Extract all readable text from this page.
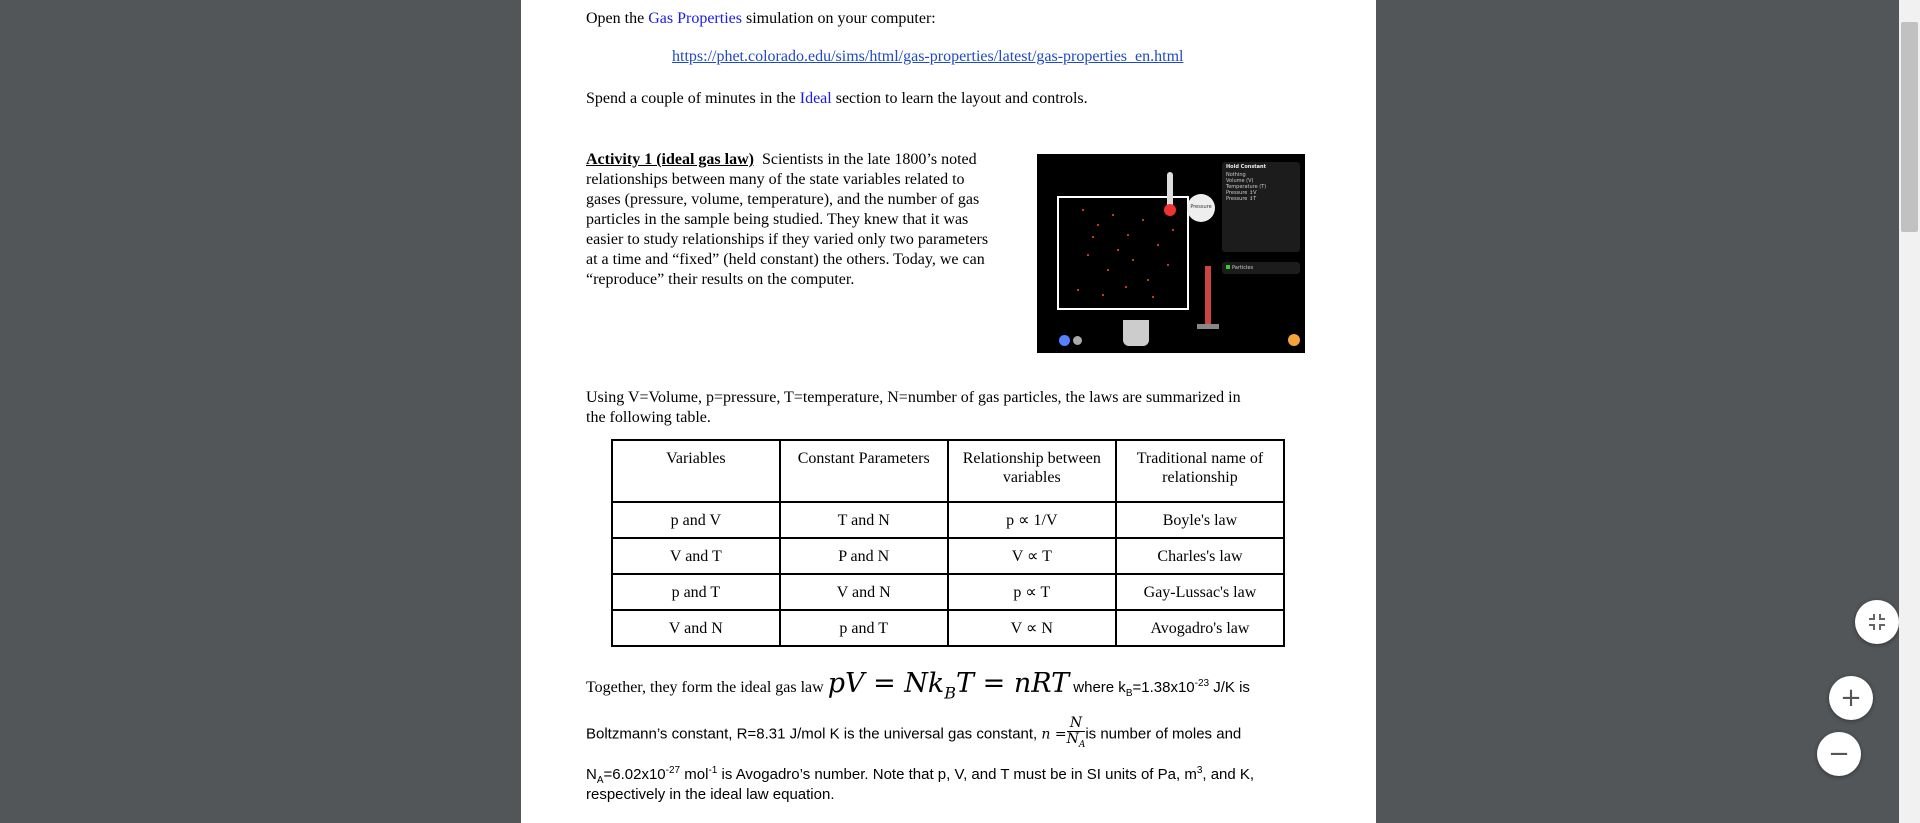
Open the Gas Properties simulation on your computer:

https://phet.colorado.edu/sims/html/gas-properties/latest/gas-properties_en.html

Spend a couple of minutes in the Ideal section to learn the layout and controls.

Activity 1 (ideal gas law) Scientists in the late 1800’s noted
relationships between many of the state variables related to
gases (pressure, volume, temperature), and the number of gas
particles in the sample being studied. They knew that it was
easier to study relationships if they varied only two parameters
at a time and “fixed” (held constant) the others. Today, we can
“reproduce” their results on the computer.
Pressure
Hold Constant
Nothing
Volume (V)
Temperature (T)
Pressure ↕V
Pressure ↕T
Particles

Using V=Volume, p=pressure, T=temperature, N=number of gas particles, the laws are summarized in
the following table.

Variables	Constant Parameters	Relationship between variables	Traditional name of relationship
p and V	T and N	p ∝ 1/V	Boyle's law
V and T	P and N	V ∝ T	Charles's law
p and T	V and N	p ∝ T	Gay-Lussac's law
V and N	p and T	V ∝ N	Avogadro's law
Together, they form the ideal gas law pV = $Nk_BT$ = nRT where $k_B=1.38x10^{-23}$ J/K is
Boltzmann’s constant, R=8.31 J/mol K is the universal gas constant, $n = \frac{N}{N_A}$ is number of moles and
$N_A=6.02x10^{-27}$ mol$^{-1}$ is Avogadro’s number. Note that p, V, and T must be in SI units of Pa, $m^3$, and K,
respectively in the ideal law equation.
+
−
